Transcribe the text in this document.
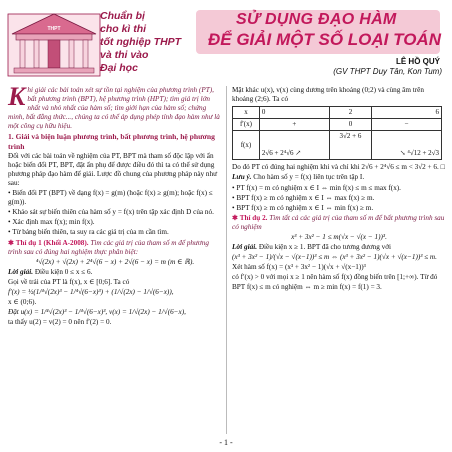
THPT
Chuẩn bị
cho kì thi
tốt nghiệp THPT
và thi vào
Đại học
SỬ DỤNG ĐẠO HÀM
ĐỂ GIẢI MỘT SỐ LOẠI TOÁN
LÊ HỒ QUÝ
(GV THPT Duy Tân, Kon Tum)

K hi giải các bài toán xét sự tồn tại nghiệm của phương trình (PT), bất phương trình (BPT), hệ phương trình (HPT); tìm giá trị lớn nhất và nhỏ nhất của hàm số; tìm giới hạn của hàm số; chứng minh, bất đẳng thức..., chúng ta có thể áp dụng phép tính đạo hàm như là một công cụ hữu hiệu.

1. Giải và biện luận phương trình, bất phương trình, hệ phương trình

Đối với các bài toán về nghiệm của PT, BPT mà tham số độc lập với ẩn hoặc biến đổi PT, BPT, đặt ẩn phụ để được điều đó thì ta có thể sử dụng phương pháp đạo hàm để giải. Lược đồ chung của phương pháp này như sau:

• Biến đổi PT (BPT) về dạng f(x) = g(m) (hoặc f(x) ≥ g(m); hoặc f(x) ≤ g(m)).

• Khảo sát sự biến thiên của hàm số y = f(x) trên tập xác định D của nó.

• Xác định max f(x); min f(x).

• Từ bảng biến thiên, ta suy ra các giá trị của m cần tìm.

✱ Thí dụ 1 (Khối A-2008). Tìm các giá trị của tham số m để phương trình sau có đúng hai nghiệm thực phân biệt:

⁴√(2x) + √(2x) + 2⁴√(6 − x) + 2√(6 − x) = m (m ∈ ℝ).

Lời giải. Điều kiện 0 ≤ x ≤ 6.

Gọi về trái của PT là f(x), x ∈ [0;6]. Ta có

f′(x) = ½(1/⁴√(2x)³ − 1/⁴√(6−x)³) + (1/√(2x) − 1/√(6−x)),

x ∈ (0;6).

Đặt u(x) = 1/⁴√(2x)³ − 1/⁴√(6−x)³, v(x) = 1/√(2x) − 1/√(6−x),

ta thấy u(2) = v(2) = 0 nên f′(2) = 0.

Mặt khác u(x), v(x) cùng dương trên khoảng (0;2) và cùng âm trên khoảng (2;6). Ta có

x	0	2	6
f′(x)	+	0	−
f(x)	2√6 + 2⁴√6 ↗	3√2 + 6	↘ ⁴√12 + 2√3

Do đó PT có đúng hai nghiệm khi và chỉ khi 2√6 + 2⁴√6 ≤ m < 3√2 + 6. □

Lưu ý. Cho hàm số y = f(x) liên tục trên tập I.

• PT f(x) = m có nghiệm x ∈ I ⇔ min f(x) ≤ m ≤ max f(x).

• BPT f(x) ≥ m có nghiệm x ∈ I ⇔ max f(x) ≥ m.

• BPT f(x) ≥ m có nghiệm x ∈ I ⇔ min f(x) ≥ m.

✱ Thí dụ 2. Tìm tất cả các giá trị của tham số m để bất phương trình sau có nghiệm

x³ + 3x² − 1 ≤ m(√x − √(x − 1))³.

Lời giải. Điều kiện x ≥ 1. BPT đã cho tương đương với

(x³ + 3x² − 1)/(√x − √(x−1))³ ≤ m ⇔ (x³ + 3x² − 1)(√x + √(x−1))³ ≤ m.

Xét hàm số f(x) = (x³ + 3x² − 1)(√x + √(x−1))³

có f′(x) > 0 với mọi x ≥ 1 nên hàm số f(x) đồng biến trên [1;+∞). Từ đó BPT f(x) ≤ m có nghiệm ⇔ m ≥ min f(x) = f(1) = 3.

- 1 -
